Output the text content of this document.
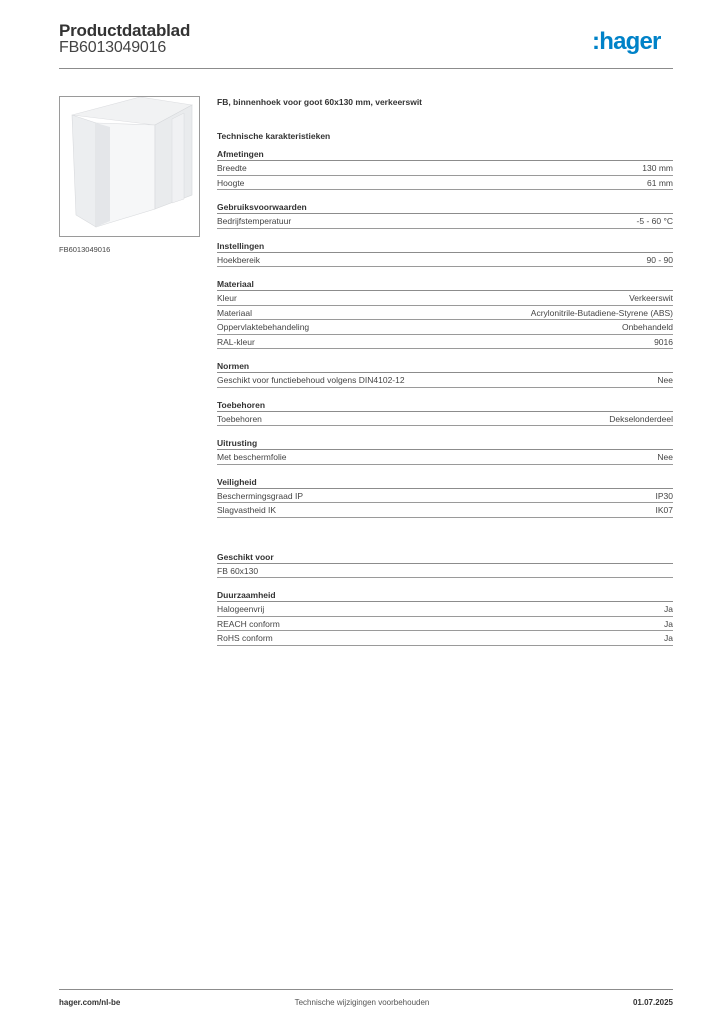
Productdatablad
FB6013049016	:hager
FB6013049016
FB, binnenhoek voor goot 60x130 mm, verkeerswit
Technische karakteristieken
Afmetingen
Breedte	130 mm
Hoogte	61 mm
Gebruiksvoorwaarden
Bedrijfstemperatuur	-5 - 60 °C
Instellingen
Hoekbereik	90 - 90
Materiaal
Kleur	Verkeerswit
Materiaal	Acrylonitrile-Butadiene-Styrene (ABS)
Oppervlaktebehandeling	Onbehandeld
RAL-kleur	9016
Normen
Geschikt voor functiebehoud volgens DIN4102-12	Nee
Toebehoren
Toebehoren	Dekselonderdeel
Uitrusting
Met beschermfolie	Nee
Veiligheid
Beschermingsgraad IP	IP30
Slagvastheid IK	IK07
Geschikt voor
FB 60x130
Duurzaamheid
Halogeenvrij	Ja
REACH conform	Ja
RoHS conform	Ja
hager.com/nl-be	Technische wijzigingen voorbehouden	01.07.2025
